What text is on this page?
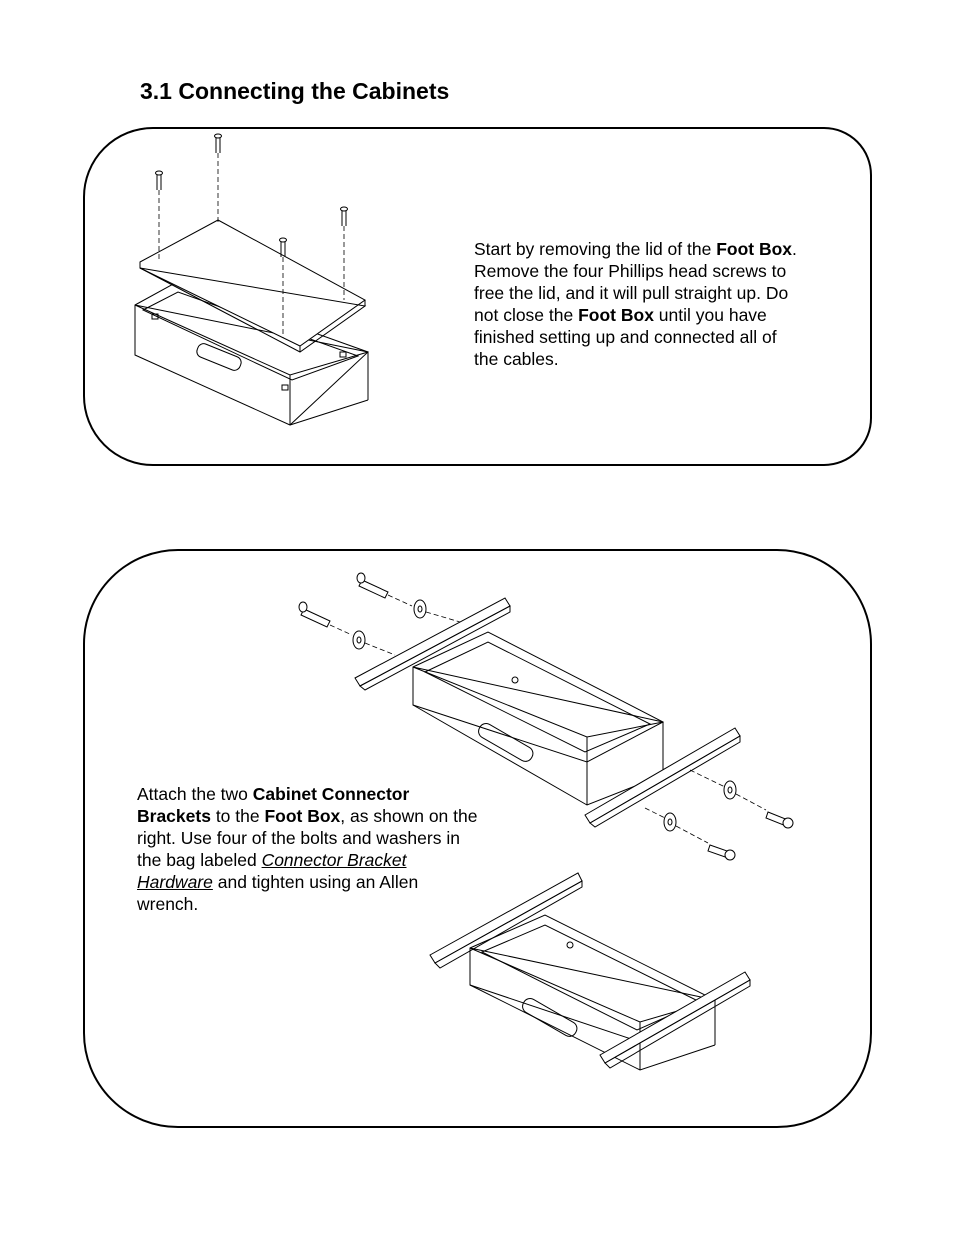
3.1 Connecting the Cabinets

Start by removing the lid of the Foot Box. Remove the four Phillips head screws to free the lid, and it will pull straight up. Do not close the Foot Box until you have finished setting up and connected all of the cables.

Attach the two Cabinet Connector Brackets to the Foot Box, as shown on the right. Use four of the bolts and washers in the bag labeled Connector Bracket Hardware and tighten using an Allen wrench.
